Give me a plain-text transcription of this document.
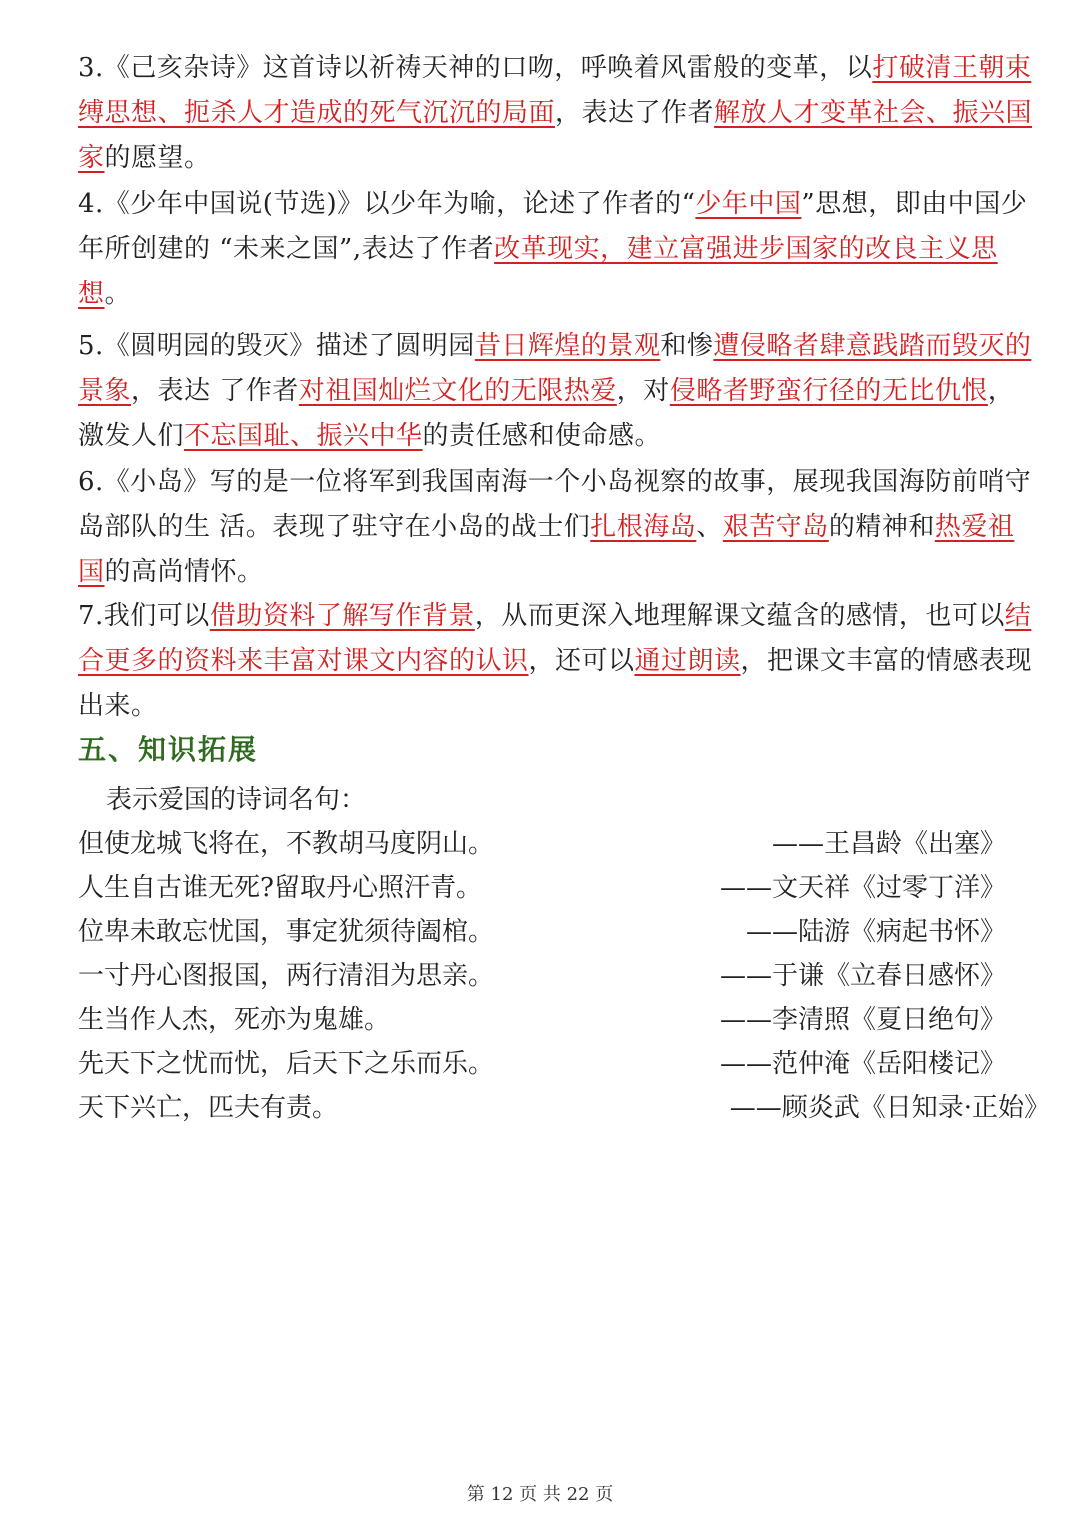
3.《己亥杂诗》这首诗以祈祷天神的口吻，呼唤着风雷般的变革，以打破清王朝束缚思想、扼杀人才造成的死气沉沉的局面，表达了作者解放人才变革社会、振兴国家的愿望。
4.《少年中国说(节选)》以少年为喻，论述了作者的“少年中国”思想，即由中国少年所创建的 “未来之国”,表达了作者改革现实，建立富强进步国家的改良主义思想。
5.《圆明园的毁灭》描述了圆明园昔日辉煌的景观和惨遭侵略者肆意践踏而毁灭的景象，表达 了作者对祖国灿烂文化的无限热爱，对侵略者野蛮行径的无比仇恨，激发人们不忘国耻、振兴中华的责任感和使命感。
6.《小岛》写的是一位将军到我国南海一个小岛视察的故事，展现我国海防前哨守岛部队的生 活。表现了驻守在小岛的战士们扎根海岛、艰苦守岛的精神和热爱祖国的高尚情怀。
7.我们可以借助资料了解写作背景，从而更深入地理解课文蕴含的感情，也可以结合更多的资料来丰富对课文内容的认识，还可以通过朗读，把课文丰富的情感表现出来。
五、知识拓展
表示爱国的诗词名句：
但使龙城飞将在，不教胡马度阴山。	——王昌龄《出塞》
人生自古谁无死?留取丹心照汗青。	——文天祥《过零丁洋》
位卑未敢忘忧国，事定犹须待阖棺。	——陆游《病起书怀》
一寸丹心图报国，两行清泪为思亲。	——于谦《立春日感怀》
生当作人杰，死亦为鬼雄。	——李清照《夏日绝句》
先天下之忧而忧，后天下之乐而乐。	——范仲淹《岳阳楼记》
天下兴亡，匹夫有责。	——顾炎武《日知录·正始》
第 12 页 共 22 页
